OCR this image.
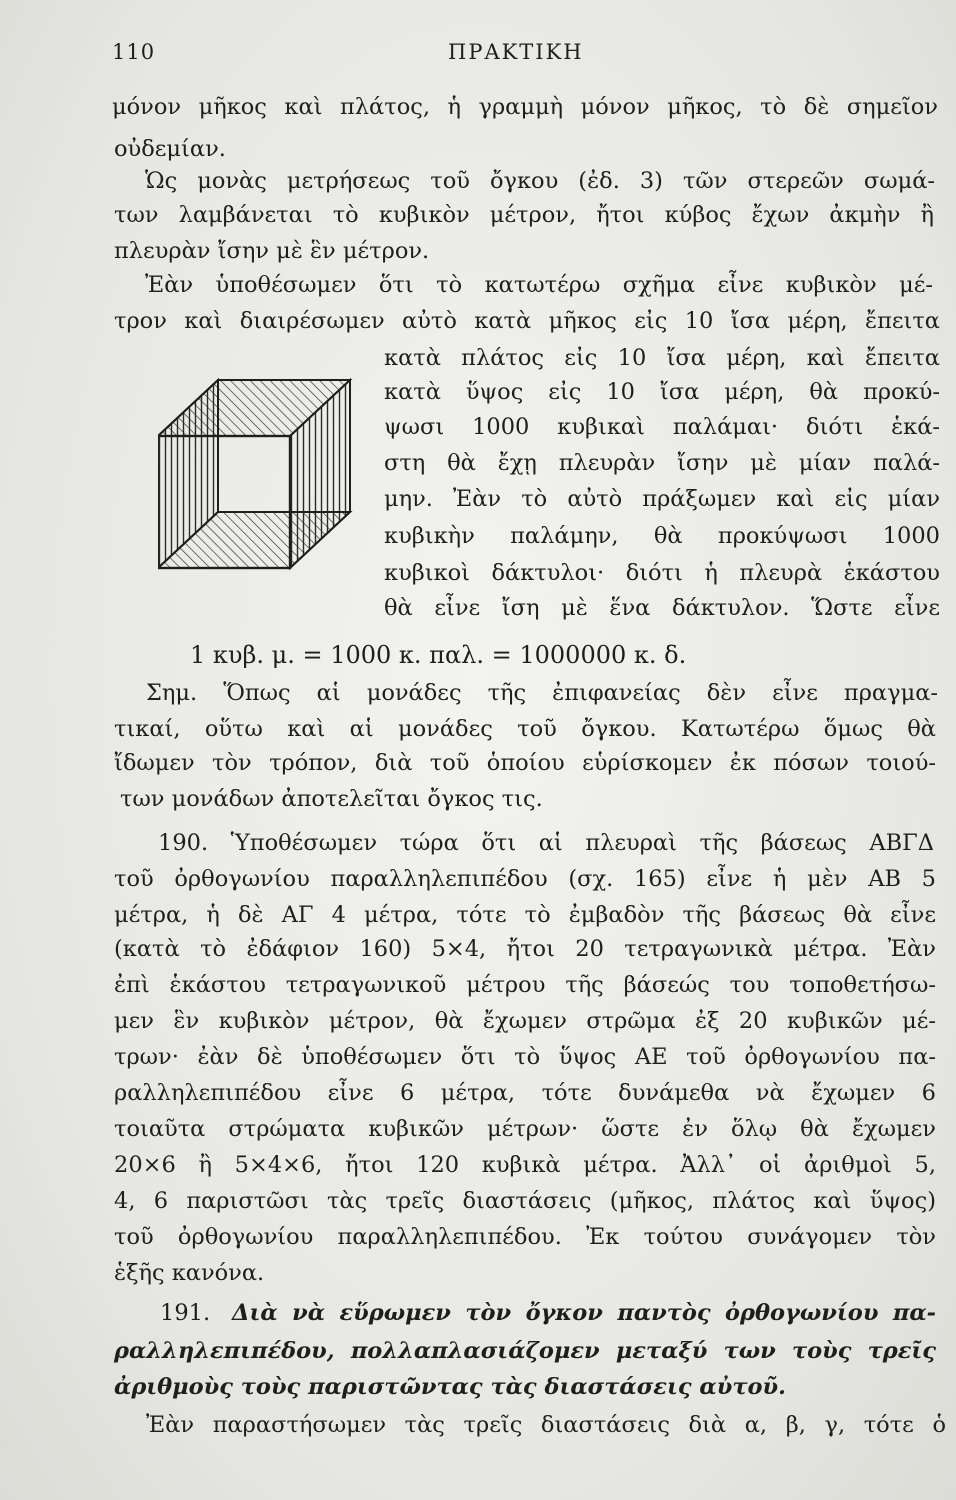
110	ΠΡΑΚΤΙΚΗ
μόνον μῆκος καὶ πλάτος, ἡ γραμμὴ μόνον μῆκος, τὸ δὲ σημεῖον
οὐδεμίαν.
Ὡς μονὰς μετρήσεως τοῦ ὄγκου (ἐδ. 3) τῶν στερεῶν σωμά-
των λαμβάνεται τὸ κυβικὸν μέτρον, ἤτοι κύβος ἔχων ἀκμὴν ἢ
πλευρὰν ἴσην μὲ ἓν μέτρον.
Ἐὰν ὑποθέσωμεν ὅτι τὸ κατωτέρω σχῆμα εἶνε κυβικὸν μέ-
τρον καὶ διαιρέσωμεν αὐτὸ κατὰ μῆκος εἰς 10 ἴσα μέρη, ἔπειτα
κατὰ πλάτος εἰς 10 ἴσα μέρη, καὶ ἔπειτα
κατὰ ὕψος εἰς 10 ἴσα μέρη, θὰ προκύ-
ψωσι 1000 κυβικαὶ παλάμαι· διότι ἑκά-
στη θὰ ἔχῃ πλευρὰν ἴσην μὲ μίαν παλά-
μην. Ἐὰν τὸ αὐτὸ πράξωμεν καὶ εἰς μίαν
κυβικὴν παλάμην, θὰ προκύψωσι 1000
κυβικοὶ δάκτυλοι· διότι ἡ πλευρὰ ἑκάστου
θὰ εἶνε ἴση μὲ ἕνα δάκτυλον. Ὥστε εἶνε
1 κυβ. μ. = 1000 κ. παλ. = 1000000 κ. δ.
Σημ. Ὅπως αἱ μονάδες τῆς ἐπιφανείας δὲν εἶνε πραγμα-
τικαί, οὕτω καὶ αἱ μονάδες τοῦ ὄγκου. Κατωτέρω ὅμως θὰ
ἴδωμεν τὸν τρόπον, διὰ τοῦ ὁποίου εὑρίσκομεν ἐκ πόσων τοιού-
των μονάδων ἀποτελεῖται ὄγκος τις.
190. Ὑποθέσωμεν τώρα ὅτι αἱ πλευραὶ τῆς βάσεως ΑΒΓΔ
τοῦ ὀρθογωνίου παραλληλεπιπέδου (σχ. 165) εἶνε ἡ μὲν ΑΒ 5
μέτρα, ἡ δὲ ΑΓ 4 μέτρα, τότε τὸ ἐμβαδὸν τῆς βάσεως θὰ εἶνε
(κατὰ τὸ ἐδάφιον 160) 5×4, ἤτοι 20 τετραγωνικὰ μέτρα. Ἐὰν
ἐπὶ ἑκάστου τετραγωνικοῦ μέτρου τῆς βάσεώς του τοποθετήσω-
μεν ἓν κυβικὸν μέτρον, θὰ ἔχωμεν στρῶμα ἐξ 20 κυβικῶν μέ-
τρων· ἐὰν δὲ ὑποθέσωμεν ὅτι τὸ ὕψος ΑΕ τοῦ ὀρθογωνίου πα-
ραλληλεπιπέδου εἶνε 6 μέτρα, τότε δυνάμεθα νὰ ἔχωμεν 6
τοιαῦτα στρώματα κυβικῶν μέτρων· ὥστε ἐν ὅλῳ θὰ ἔχωμεν
20×6 ἢ 5×4×6, ἤτοι 120 κυβικὰ μέτρα. Ἀλλ᾽ οἱ ἀριθμοὶ 5,
4, 6 παριστῶσι τὰς τρεῖς διαστάσεις (μῆκος, πλάτος καὶ ὕψος)
τοῦ ὀρθογωνίου παραλληλεπιπέδου. Ἐκ τούτου συνάγομεν τὸν
ἑξῆς κανόνα.
191. Διὰ νὰ εὕρωμεν τὸν ὄγκον παντὸς ὀρθογωνίου πα-
ραλληλεπιπέδου, πολλαπλασιάζομεν μεταξύ των τοὺς τρεῖς
ἀριθμοὺς τοὺς παριστῶντας τὰς διαστάσεις αὐτοῦ.
Ἐὰν παραστήσωμεν τὰς τρεῖς διαστάσεις διὰ α, β, γ, τότε ὁ
